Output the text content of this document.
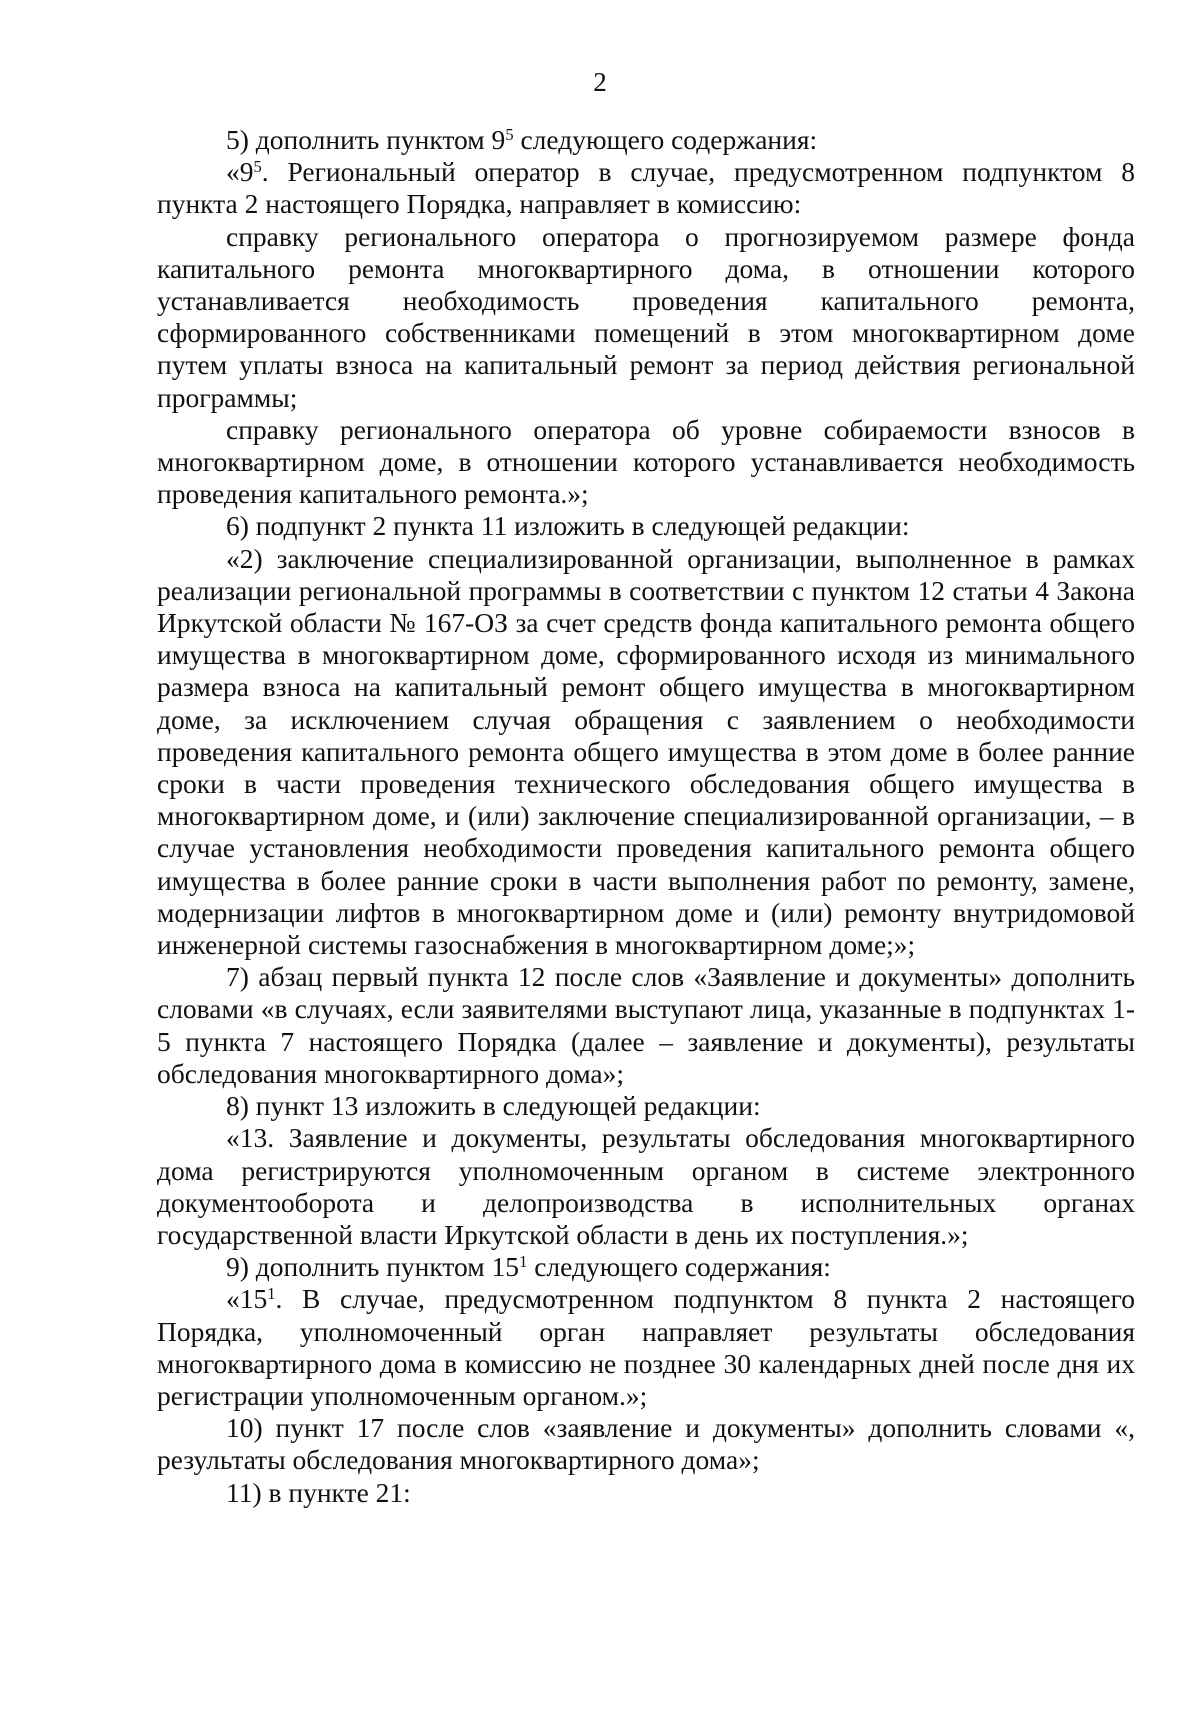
2

5) дополнить пунктом $9^5$ следующего содержания:

«$9^5$. Региональный оператор в случае, предусмотренном подпунктом 8 пункта 2 настоящего Порядка, направляет в комиссию:

справку регионального оператора о прогнозируемом размере фонда капитального ремонта многоквартирного дома, в отношении которого устанавливается необходимость проведения капитального ремонта, сформированного собственниками помещений в этом многоквартирном доме путем уплаты взноса на капитальный ремонт за период действия региональной программы;

справку регионального оператора об уровне собираемости взносов в многоквартирном доме, в отношении которого устанавливается необходимость проведения капитального ремонта.»;

6) подпункт 2 пункта 11 изложить в следующей редакции:

«2) заключение специализированной организации, выполненное в рамках реализации региональной программы в соответствии с пунктом 12 статьи 4 Закона Иркутской области № 167-ОЗ за счет средств фонда капитального ремонта общего имущества в многоквартирном доме, сформированного исходя из минимального размера взноса на капитальный ремонт общего имущества в многоквартирном доме, за исключением случая обращения с заявлением о необходимости проведения капитального ремонта общего имущества в этом доме в более ранние сроки в части проведения технического обследования общего имущества в многоквартирном доме, и (или) заключение специализированной организации, – в случае установления необходимости проведения капитального ремонта общего имущества в более ранние сроки в части выполнения работ по ремонту, замене, модернизации лифтов в многоквартирном доме и (или) ремонту внутридомовой инженерной системы газоснабжения в многоквартирном доме;»;

7) абзац первый пункта 12 после слов «Заявление и документы» дополнить словами «в случаях, если заявителями выступают лица, указанные в подпунктах 1-5 пункта 7 настоящего Порядка (далее – заявление и документы), результаты обследования многоквартирного дома»;

8) пункт 13 изложить в следующей редакции:

«13. Заявление и документы, результаты обследования многоквартирного дома регистрируются уполномоченным органом в системе электронного документооборота и делопроизводства в исполнительных органах государственной власти Иркутской области в день их поступления.»;

9) дополнить пунктом $15^1$ следующего содержания:

«$15^1$. В случае, предусмотренном подпунктом 8 пункта 2 настоящего Порядка, уполномоченный орган направляет результаты обследования многоквартирного дома в комиссию не позднее 30 календарных дней после дня их регистрации уполномоченным органом.»;

10) пункт 17 после слов «заявление и документы» дополнить словами «, результаты обследования многоквартирного дома»;

11) в пункте 21:
